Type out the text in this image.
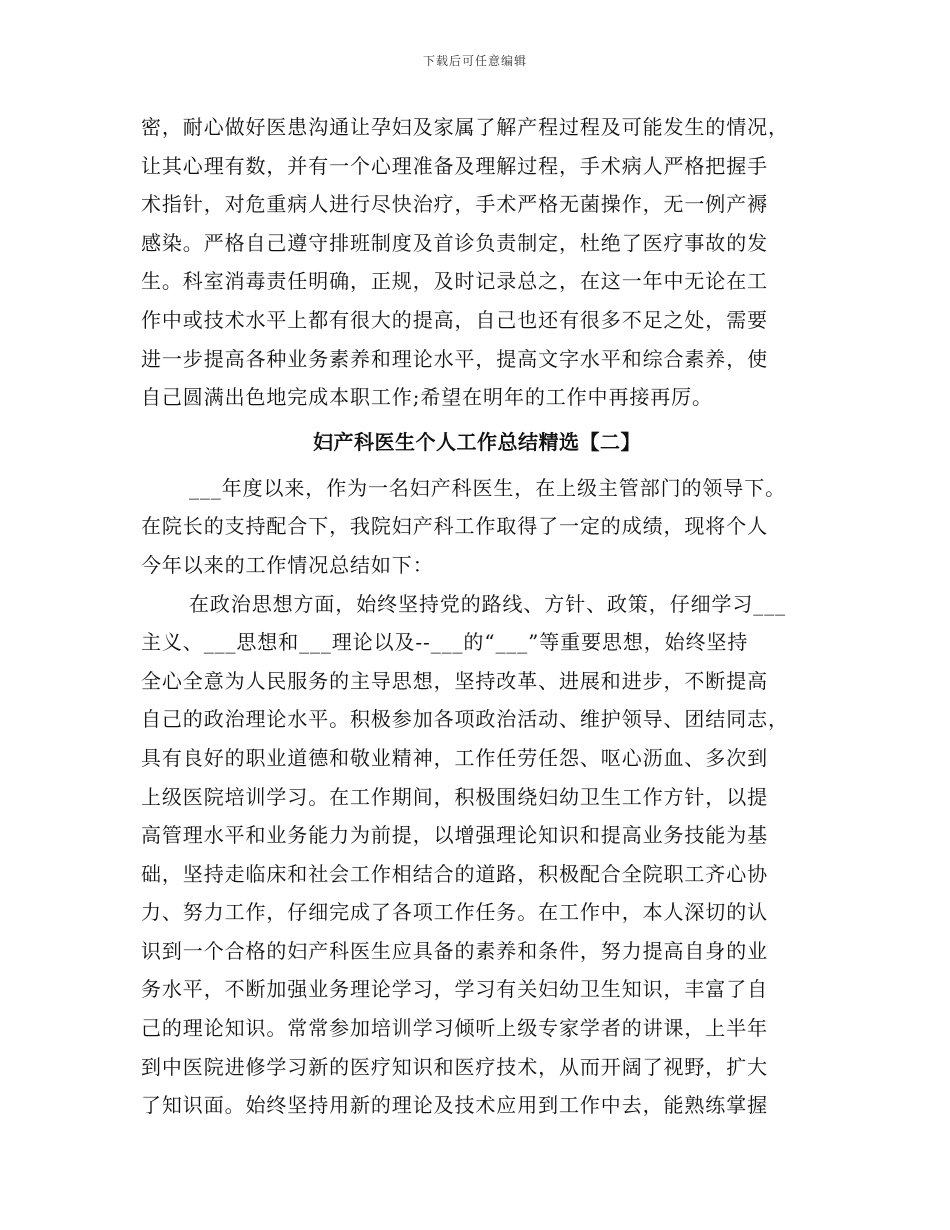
下载后可任意编辑
密，耐心做好医患沟通让孕妇及家属了解产程过程及可能发生的情况，
让其心理有数，并有一个心理准备及理解过程，手术病人严格把握手
术指针，对危重病人进行尽快治疗，手术严格无菌操作，无一例产褥
感染。严格自己遵守排班制度及首诊负责制定，杜绝了医疗事故的发
生。科室消毒责任明确，正规，及时记录总之，在这一年中无论在工
作中或技术水平上都有很大的提高，自己也还有很多不足之处，需要
进一步提高各种业务素养和理论水平，提高文字水平和综合素养，使
自己圆满出色地完成本职工作;希望在明年的工作中再接再厉。
妇产科医生个人工作总结精选【二】
___年度以来，作为一名妇产科医生，在上级主管部门的领导下。
在院长的支持配合下，我院妇产科工作取得了一定的成绩，现将个人
今年以来的工作情况总结如下：
在政治思想方面，始终坚持党的路线、方针、政策，仔细学习___
主义、___思想和___理论以及--___的“___”等重要思想，始终坚持
全心全意为人民服务的主导思想，坚持改革、进展和进步，不断提高
自己的政治理论水平。积极参加各项政治活动、维护领导、团结同志，
具有良好的职业道德和敬业精神，工作任劳任怨、呕心沥血、多次到
上级医院培训学习。在工作期间，积极围绕妇幼卫生工作方针，以提
高管理水平和业务能力为前提，以增强理论知识和提高业务技能为基
础，坚持走临床和社会工作相结合的道路，积极配合全院职工齐心协
力、努力工作，仔细完成了各项工作任务。在工作中，本人深切的认
识到一个合格的妇产科医生应具备的素养和条件，努力提高自身的业
务水平，不断加强业务理论学习，学习有关妇幼卫生知识，丰富了自
己的理论知识。常常参加培训学习倾听上级专家学者的讲课，上半年
到中医院进修学习新的医疗知识和医疗技术，从而开阔了视野，扩大
了知识面。始终坚持用新的理论及技术应用到工作中去，能熟练掌握
